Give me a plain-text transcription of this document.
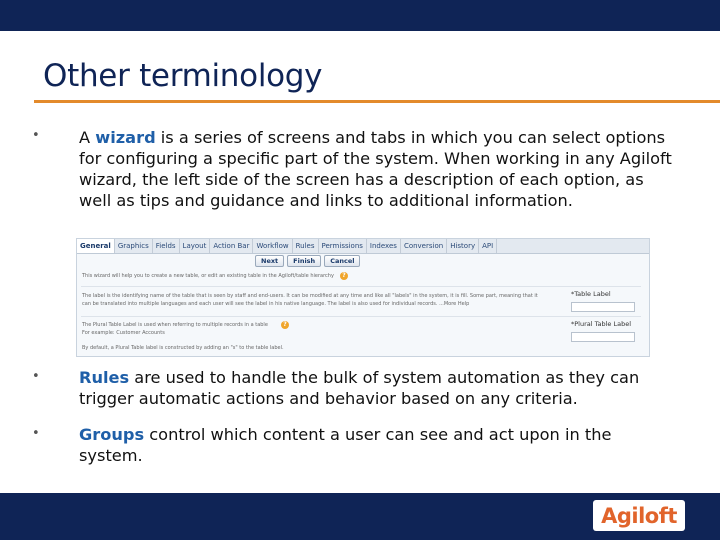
Other terminology
• A wizard is a series of screens and tabs in which you can select options for configuring a specific part of the system. When working in any Agiloft wizard, the left side of the screen has a description of each option, as well as tips and guidance and links to additional information.

General	Graphics	Fields	Layout	Action Bar	Workflow	Rules	Permissions	Indexes	Conversion	History	API
Next	Finish	Cancel
This wizard will help you to create a new table, or edit an existing table in the Agiloft/table hierarchy	?
The label is the identifying name of the table that is seen by staff and end-users. It can be modified at any time and like all "labels" in the system, it is fill. Some part, meaning that it
can be translated into multiple languages and each user will see the label in his native language. The label is also used for individual records. ...More Help
*Table Label
The Plural Table Label is used when referring to multiple records in a table	?
For example: Customer Accounts
By default, a Plural Table label is constructed by adding an "s" to the table label.
*Plural Table Label
• Rules are used to handle the bulk of system automation as they can trigger automatic actions and behavior based on any criteria.

• Groups control which content a user can see and act upon in the system.

8
Agiloft
